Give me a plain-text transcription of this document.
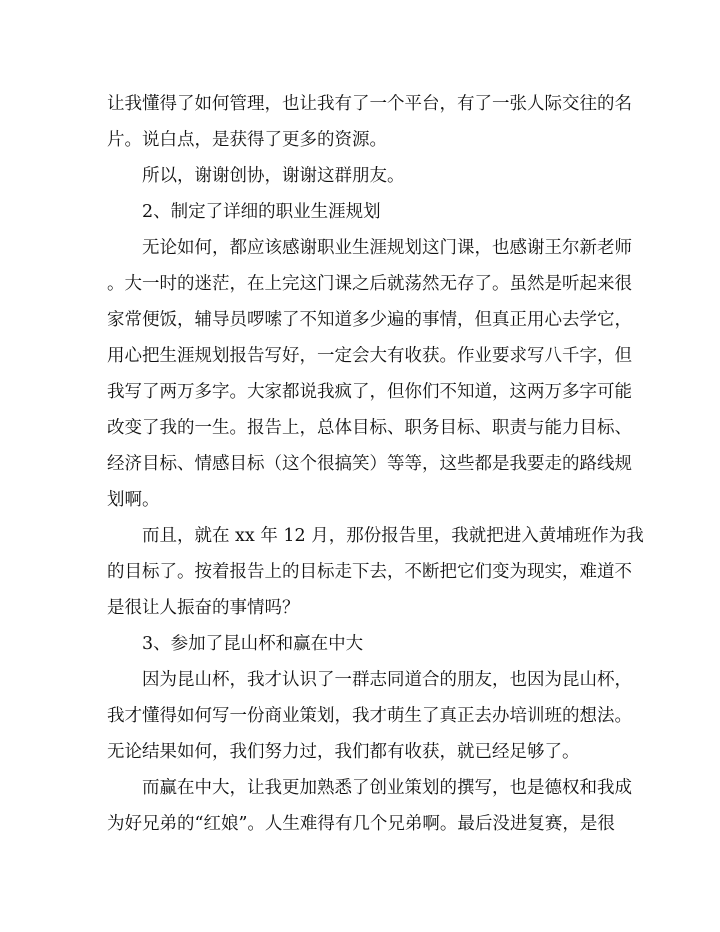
让我懂得了如何管理，也让我有了一个平台，有了一张人际交往的名
片。说白点，是获得了更多的资源。
所以，谢谢创协，谢谢这群朋友。
2、制定了详细的职业生涯规划
无论如何，都应该感谢职业生涯规划这门课，也感谢王尔新老师
。大一时的迷茫，在上完这门课之后就荡然无存了。虽然是听起来很
家常便饭，辅导员啰嗦了不知道多少遍的事情，但真正用心去学它，
用心把生涯规划报告写好，一定会大有收获。作业要求写八千字，但
我写了两万多字。大家都说我疯了，但你们不知道，这两万多字可能
改变了我的一生。报告上，总体目标、职务目标、职责与能力目标、
经济目标、情感目标（这个很搞笑）等等，这些都是我要走的路线规
划啊。
而且，就在 xx 年 12 月，那份报告里，我就把进入黄埔班作为我
的目标了。按着报告上的目标走下去，不断把它们变为现实，难道不
是很让人振奋的事情吗？
3、参加了昆山杯和赢在中大
因为昆山杯，我才认识了一群志同道合的朋友，也因为昆山杯，
我才懂得如何写一份商业策划，我才萌生了真正去办培训班的想法。
无论结果如何，我们努力过，我们都有收获，就已经足够了。
而赢在中大，让我更加熟悉了创业策划的撰写，也是德权和我成
为好兄弟的“红娘”。人生难得有几个兄弟啊。最后没进复赛，是很
